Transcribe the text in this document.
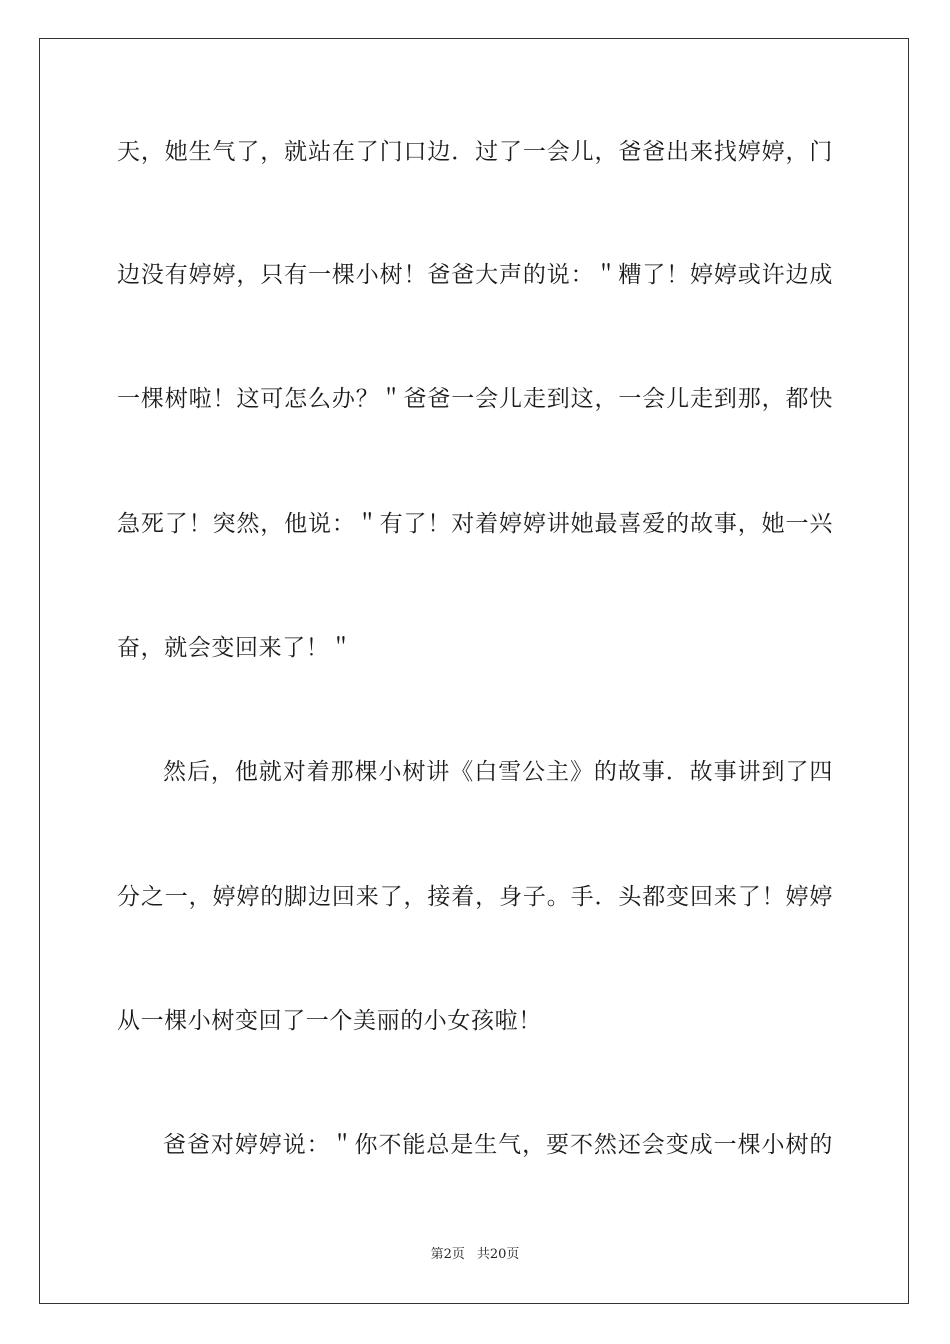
天，她生气了，就站在了门口边．过了一会儿，爸爸出来找婷婷，门
边没有婷婷，只有一棵小树！爸爸大声的说：＂糟了！婷婷或许边成
一棵树啦！这可怎么办？＂爸爸一会儿走到这，一会儿走到那，都快
急死了！突然，他说：＂有了！对着婷婷讲她最喜爱的故事，她一兴
奋，就会变回来了！＂
然后，他就对着那棵小树讲《白雪公主》的故事．故事讲到了四
分之一，婷婷的脚边回来了，接着，身子。手．头都变回来了！婷婷
从一棵小树变回了一个美丽的小女孩啦！
爸爸对婷婷说：＂你不能总是生气，要不然还会变成一棵小树的
第2页 共20页
